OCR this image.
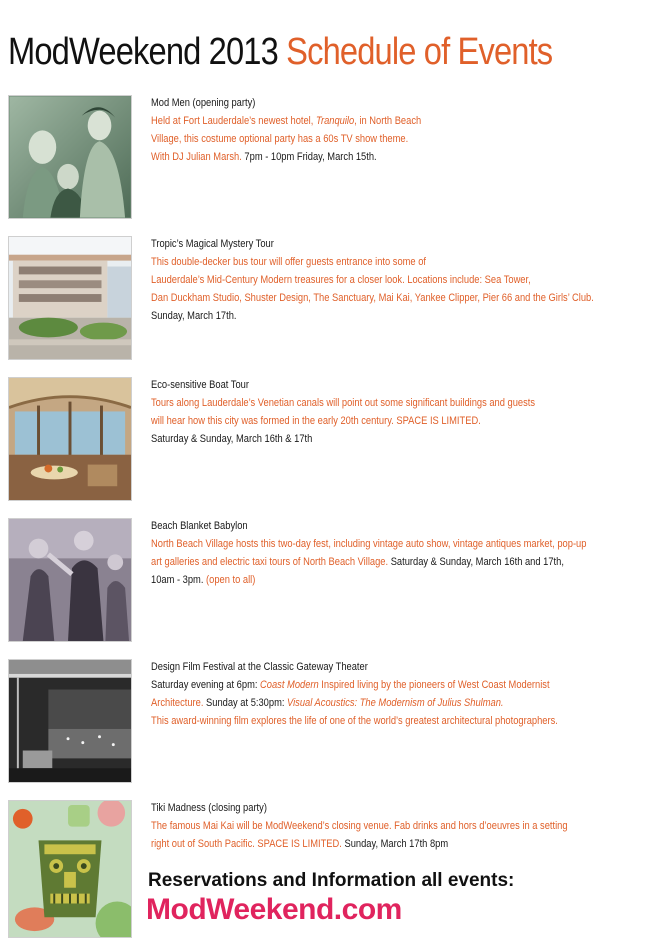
ModWeekend 2013 Schedule of Events
Mod Men (opening party)
Held at Fort Lauderdale’s newest hotel, Tranquilo, in North Beach
Village, this costume optional party has a 60s TV show theme.
With DJ Julian Marsh. 7pm - 10pm Friday, March 15th.
Tropic’s Magical Mystery Tour
This double-decker bus tour will offer guests entrance into some of
Lauderdale’s Mid-Century Modern treasures for a closer look. Locations include: Sea Tower,
Dan Duckham Studio, Shuster Design, The Sanctuary, Mai Kai, Yankee Clipper, Pier 66 and the Girls’ Club.
Sunday, March 17th.
Eco-sensitive Boat Tour
Tours along Lauderdale’s Venetian canals will point out some significant buildings and guests
will hear how this city was formed in the early 20th century. SPACE IS LIMITED.
Saturday & Sunday, March 16th & 17th
Beach Blanket Babylon
North Beach Village hosts this two-day fest, including vintage auto show, vintage antiques market, pop-up
art galleries and electric taxi tours of North Beach Village. Saturday & Sunday, March 16th and 17th,
10am - 3pm. (open to all)
Design Film Festival at the Classic Gateway Theater
Saturday evening at 6pm: Coast Modern Inspired living by the pioneers of West Coast Modernist
Architecture. Sunday at 5:30pm: Visual Acoustics: The Modernism of Julius Shulman.
This award-winning film explores the life of one of the world’s greatest architectural photographers.
Tiki Madness (closing party)
The famous Mai Kai will be ModWeekend’s closing venue. Fab drinks and hors d’oeuvres in a setting
right out of South Pacific. SPACE IS LIMITED. Sunday, March 17th 8pm

Reservations and Information all events:

ModWeekend.com
